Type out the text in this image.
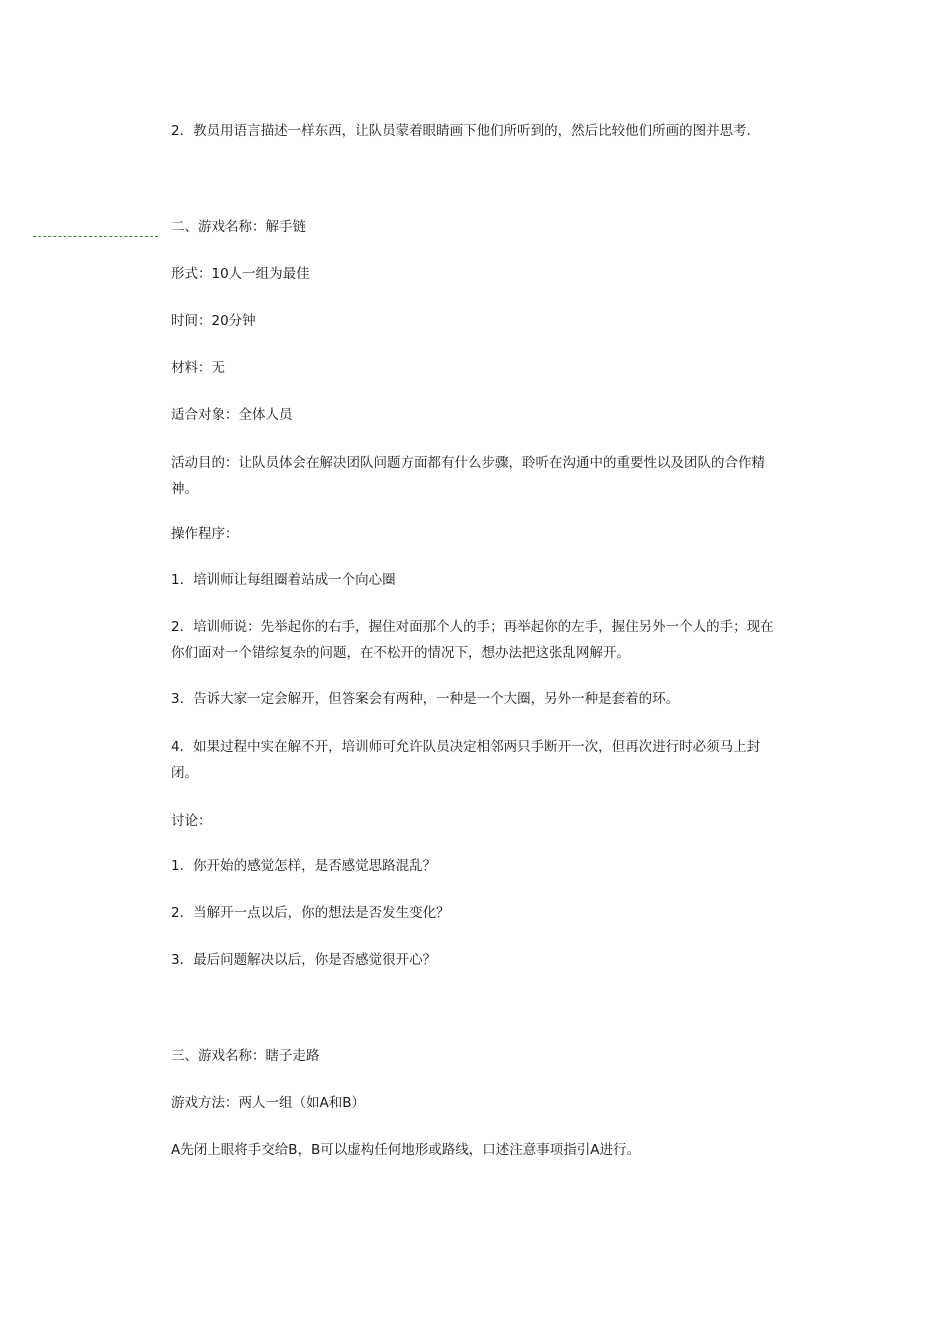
2．教员用语言描述一样东西，让队员蒙着眼睛画下他们所听到的，然后比较他们所画的图并思考．

二、游戏名称：解手链

形式：10人一组为最佳

时间：20分钟

材料：无

适合对象：全体人员

活动目的：让队员体会在解决团队问题方面都有什么步骤，聆听在沟通中的重要性以及团队的合作精神。

操作程序：

1．培训师让每组圈着站成一个向心圈

2．培训师说：先举起你的右手，握住对面那个人的手；再举起你的左手，握住另外一个人的手；现在你们面对一个错综复杂的问题，在不松开的情况下，想办法把这张乱网解开。

3．告诉大家一定会解开，但答案会有两种，一种是一个大圈，另外一种是套着的环。

4．如果过程中实在解不开，培训师可允许队员决定相邻两只手断开一次，但再次进行时必须马上封闭。

讨论：

1．你开始的感觉怎样，是否感觉思路混乱？

2．当解开一点以后，你的想法是否发生变化？

3．最后问题解决以后，你是否感觉很开心？

三、游戏名称：瞎子走路

游戏方法：两人一组（如A和B）

A先闭上眼将手交给B，B可以虚构任何地形或路线，口述注意事项指引A进行。
